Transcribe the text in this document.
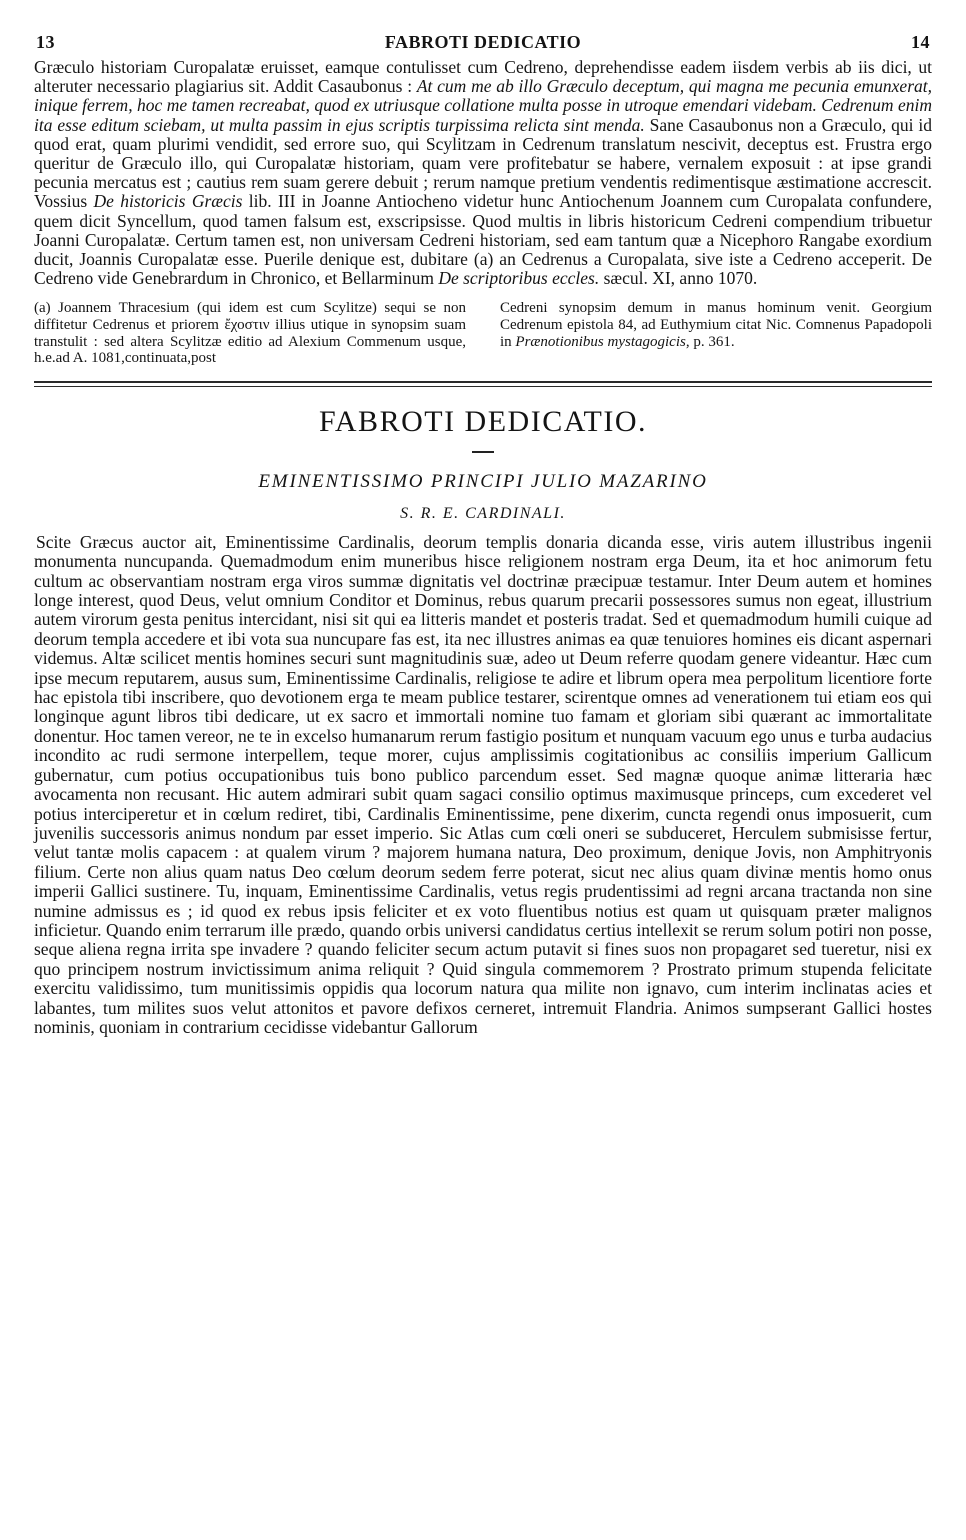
13	FABROTI DEDICATIO	14

Græculo historiam Curopalatæ eruisset, eamque contulisset cum Cedreno, deprehendisse eadem iisdem verbis ab iis dici, ut alteruter necessario plagiarius sit. Addit Casaubonus : At cum me ab illo Græculo deceptum, qui magna me pecunia emunxerat, inique ferrem, hoc me tamen recreabat, quod ex utriusque collatione multa posse in utroque emendari videbam. Cedrenum enim ita esse editum sciebam, ut multa passim in ejus scriptis turpissima relicta sint menda. Sane Casaubonus non a Græculo, qui id quod erat, quam plurimi vendidit, sed errore suo, qui Scylitzam in Cedrenum translatum nescivit, deceptus est. Frustra ergo queritur de Græculo illo, qui Curopalatæ historiam, quam vere profitebatur se habere, vernalem exposuit : at ipse grandi pecunia mercatus est ; cautius rem suam gerere debuit ; rerum namque pretium vendentis redimentisque æstimatione accrescit. Vossius De historicis Græcis lib. III in Joanne Antiocheno videtur hunc Antiochenum Joannem cum Curopalata confundere, quem dicit Syncellum, quod tamen falsum est, exscripsisse. Quod multis in libris historicum Cedreni compendium tribuetur Joanni Curopalatæ. Certum tamen est, non universam Cedreni historiam, sed eam tantum quæ a Nicephoro Rangabe exordium ducit, Joannis Curopalatæ esse. Puerile denique est, dubitare (a) an Cedrenus a Curopalata, sive iste a Cedreno acceperit. De Cedreno vide Genebrardum in Chronico, et Bellarminum De scriptoribus eccles. sæcul. XI, anno 1070.

(a) Joannem Thracesium (qui idem est cum Scylitze) sequi se non diffitetur Cedrenus et priorem ἔχοστιν illius utique in synopsim suam transtulit : sed altera Scylitzæ editio ad Alexium Commenum usque, h.e.ad A. 1081,continuata,post

Cedreni synopsim demum in manus hominum venit. Georgium Cedrenum epistola 84, ad Euthymium citat Nic. Comnenus Papadopoli in Prænotionibus mystagogicis, p. 361.

FABROTI DEDICATIO.
EMINENTISSIMO PRINCIPI JULIO MAZARINO
S. R. E. CARDINALI.

Scite Græcus auctor ait, Eminentissime Cardinalis, deorum templis donaria dicanda esse, viris autem illustribus ingenii monumenta nuncupanda. Quemadmodum enim muneribus hisce religionem nostram erga Deum, ita et hoc animorum fetu cultum ac observantiam nostram erga viros summæ dignitatis vel doctrinæ præcipuæ testamur. Inter Deum autem et homines longe interest, quod Deus, velut omnium Conditor et Dominus, rebus quarum precarii possessores sumus non egeat, illustrium autem virorum gesta penitus intercidant, nisi sit qui ea litteris mandet et posteris tradat. Sed et quemadmodum humili cuique ad deorum templa accedere et ibi vota sua nuncupare fas est, ita nec illustres animas ea quæ tenuiores homines eis dicant aspernari videmus. Altæ scilicet mentis homines securi sunt magnitudinis suæ, adeo ut Deum referre quodam genere videantur. Hæc cum ipse mecum reputarem, ausus sum, Eminentissime Cardinalis, religiose te adire et librum opera mea perpolitum licentiore forte hac epistola tibi inscribere, quo devotionem erga te meam publice testarer, scirentque omnes ad venerationem tui etiam eos qui longinque agunt libros tibi dedicare, ut ex sacro et immortali nomine tuo famam et gloriam sibi quærant ac immortalitate donentur. Hoc tamen vereor, ne te in excelso humanarum rerum fastigio positum et nunquam vacuum ego unus e turba audacius incondito ac rudi sermone interpellem, teque morer, cujus amplissimis cogitationibus ac consiliis imperium Gallicum gubernatur, cum potius occupationibus tuis bono publico parcendum esset. Sed magnæ quoque animæ litteraria hæc avocamenta non recusant. Hic autem admirari subit quam sagaci consilio optimus maximusque princeps, cum excederet vel potius interciperetur et in cœlum rediret, tibi, Cardinalis Eminentissime, pene dixerim, cuncta regendi onus imposuerit, cum juvenilis successoris animus nondum par esset imperio. Sic Atlas cum cœli oneri se subduceret, Herculem submisisse fertur, velut tantæ molis capacem : at qualem virum ? majorem humana natura, Deo proximum, denique Jovis, non Amphitryonis filium. Certe non alius quam natus Deo cœlum deorum sedem ferre poterat, sicut nec alius quam divinæ mentis homo onus imperii Gallici sustinere. Tu, inquam, Eminentissime Cardinalis, vetus regis prudentissimi ad regni arcana tractanda non sine numine admissus es ; id quod ex rebus ipsis feliciter et ex voto fluentibus notius est quam ut quisquam præter malignos inficietur. Quando enim terrarum ille prædo, quando orbis universi candidatus certius intellexit se rerum solum potiri non posse, seque aliena regna irrita spe invadere ? quando feliciter secum actum putavit si fines suos non propagaret sed tueretur, nisi ex quo principem nostrum invictissimum anima reliquit ? Quid singula commemorem ? Prostrato primum stupenda felicitate exercitu validissimo, tum munitissimis oppidis qua locorum natura qua milite non ignavo, cum interim inclinatas acies et labantes, tum milites suos velut attonitos et pavore defixos cerneret, intremuit Flandria. Animos sumpserant Gallici hostes nominis, quoniam in contrarium cecidisse videbantur Gallorum
